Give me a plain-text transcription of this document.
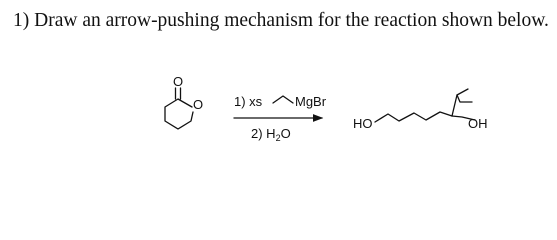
1) Draw an arrow-pushing mechanism for the reaction shown below.
O
O 1) xs	MgBr
2) $H_2O$
HO	OH
